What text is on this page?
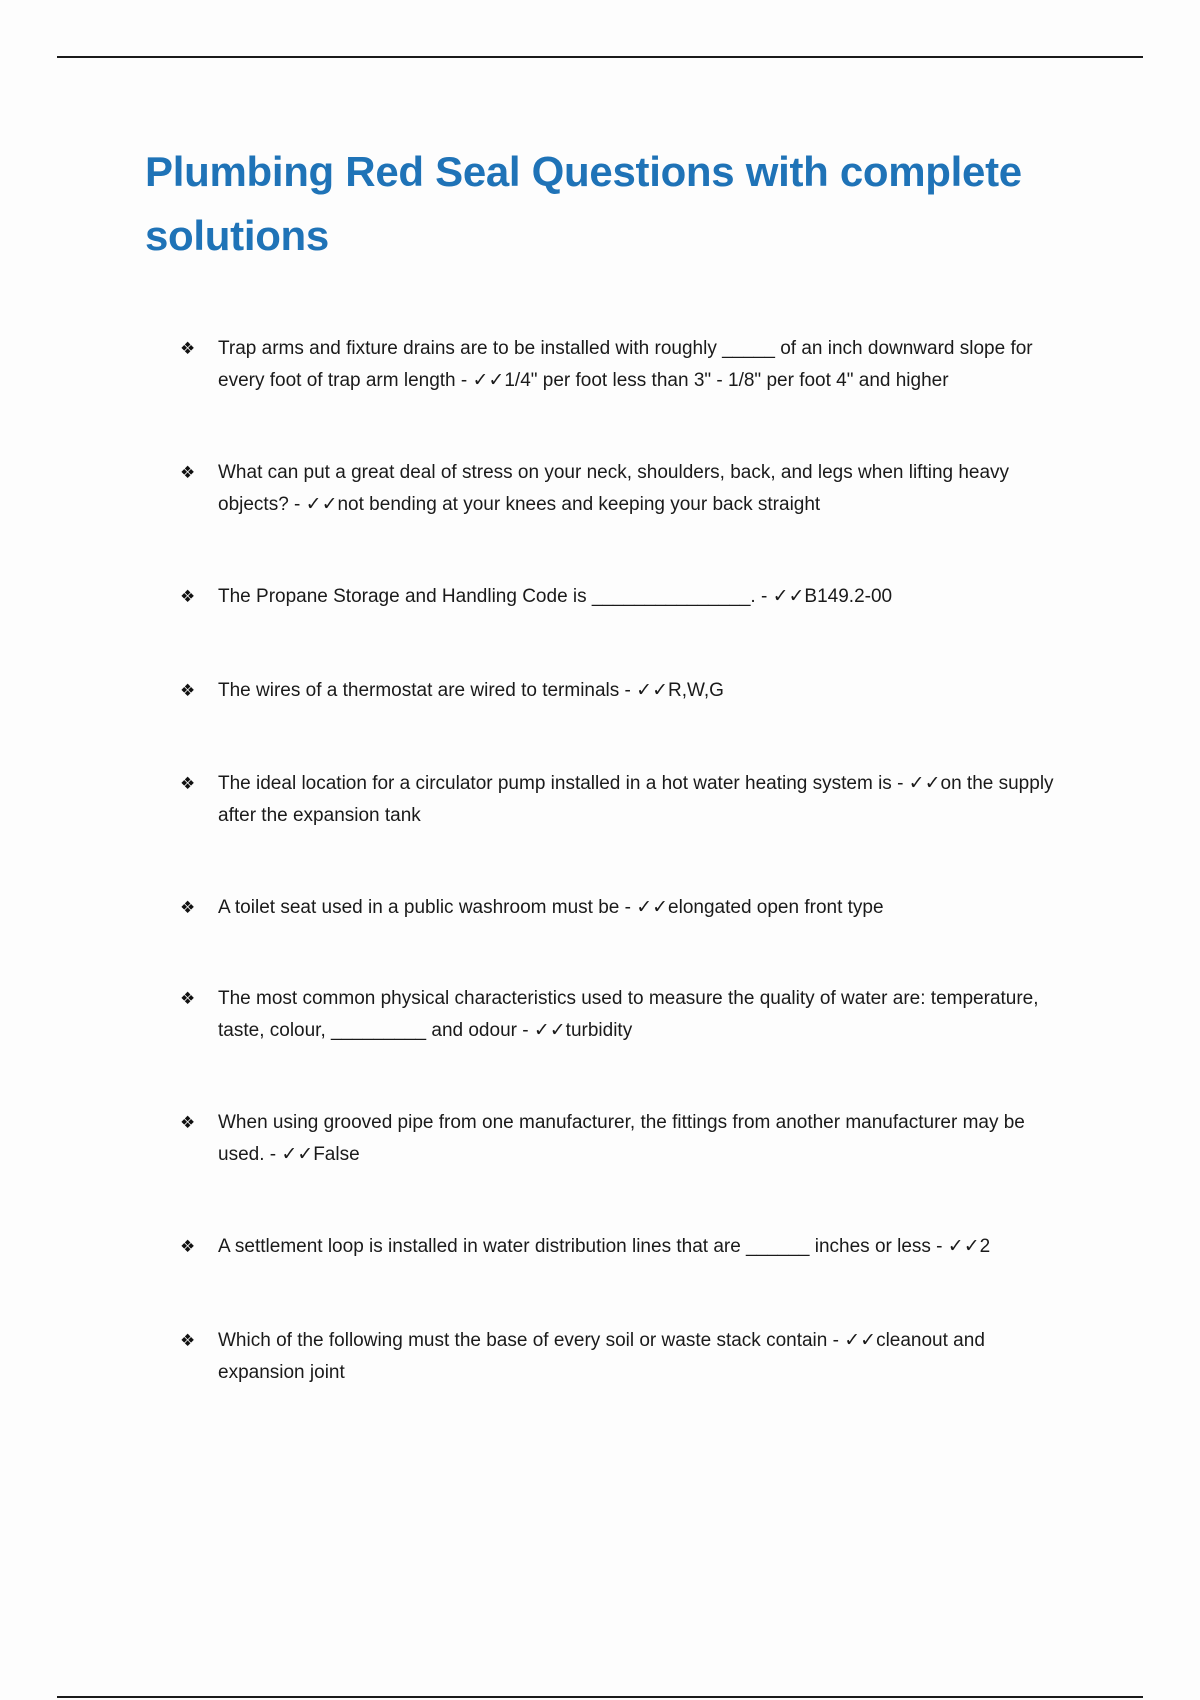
Plumbing Red Seal Questions with complete solutions
❖	Trap arms and fixture drains are to be installed with roughly _____ of an inch downward slope for every foot of trap arm length - ✓✓1/4" per foot less than 3" - 1/8" per foot 4" and higher
❖	What can put a great deal of stress on your neck, shoulders, back, and legs when lifting heavy objects? - ✓✓not bending at your knees and keeping your back straight
❖	The Propane Storage and Handling Code is _______________. - ✓✓B149.2-00
❖	The wires of a thermostat are wired to terminals - ✓✓R,W,G
❖	The ideal location for a circulator pump installed in a hot water heating system is - ✓✓on the supply after the expansion tank
❖	A toilet seat used in a public washroom must be - ✓✓elongated open front type
❖	The most common physical characteristics used to measure the quality of water are: temperature, taste, colour, _________ and odour - ✓✓turbidity
❖	When using grooved pipe from one manufacturer, the fittings from another manufacturer may be used. - ✓✓False
❖	A settlement loop is installed in water distribution lines that are ______ inches or less - ✓✓2
❖	Which of the following must the base of every soil or waste stack contain - ✓✓cleanout and expansion joint
